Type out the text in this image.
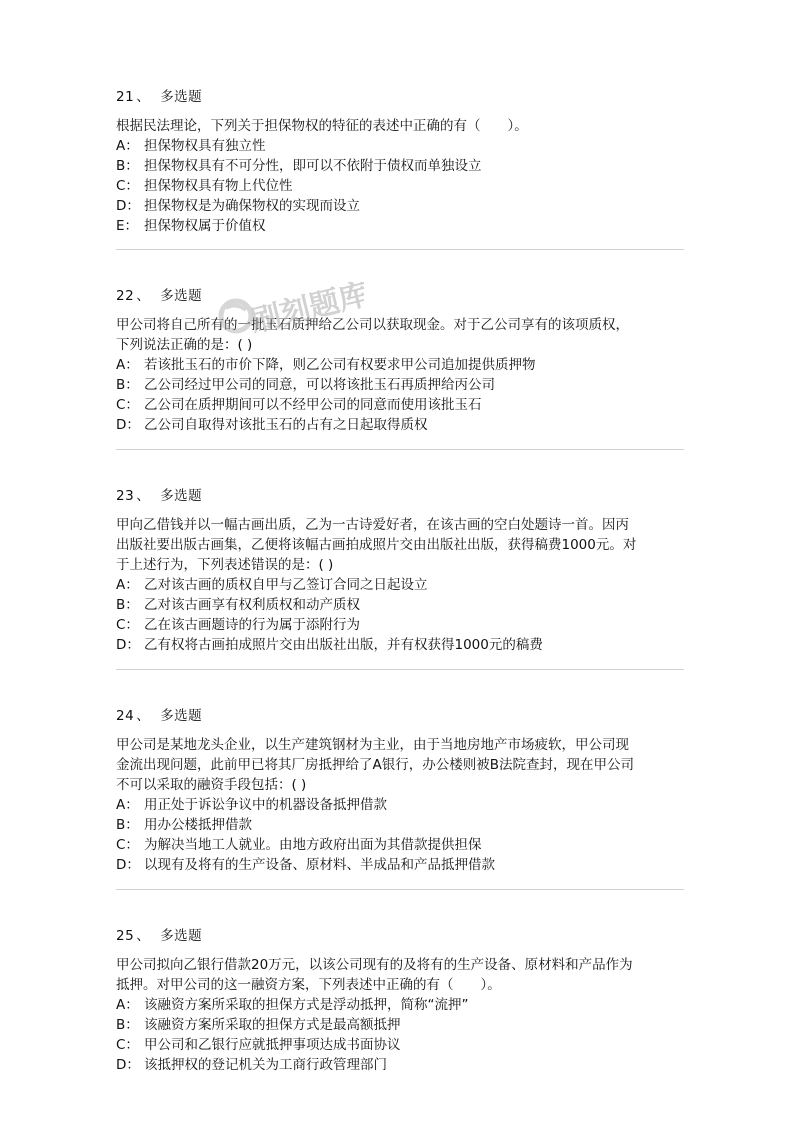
21 、 多选题

根据民法理论，下列关于担保物权的特征的表述中正确的有（　　）。

A： 担保物权具有独立性
B： 担保物权具有不可分性，即可以不依附于债权而单独设立
C： 担保物权具有物上代位性
D： 担保物权是为确保物权的实现而设立
E： 担保物权属于价值权
22 、 多选题

甲公司将自己所有的一批玉石质押给乙公司以获取现金。对于乙公司享有的该项质权，

下列说法正确的是：( )

A： 若该批玉石的市价下降，则乙公司有权要求甲公司追加提供质押物
B： 乙公司经过甲公司的同意，可以将该批玉石再质押给丙公司
C： 乙公司在质押期间可以不经甲公司的同意而使用该批玉石
D： 乙公司自取得对该批玉石的占有之日起取得质权
刷刻题库
23 、 多选题

甲向乙借钱并以一幅古画出质，乙为一古诗爱好者，在该古画的空白处题诗一首。因丙

出版社要出版古画集，乙便将该幅古画拍成照片交由出版社出版，获得稿费1000元。对

于上述行为，下列表述错误的是：( )

A： 乙对该古画的质权自甲与乙签订合同之日起设立
B： 乙对该古画享有权利质权和动产质权
C： 乙在该古画题诗的行为属于添附行为
D： 乙有权将古画拍成照片交由出版社出版，并有权获得1000元的稿费
24 、 多选题

甲公司是某地龙头企业，以生产建筑钢材为主业，由于当地房地产市场疲软，甲公司现

金流出现问题，此前甲已将其厂房抵押给了A银行，办公楼则被B法院查封，现在甲公司

不可以采取的融资手段包括：( )

A： 用正处于诉讼争议中的机器设备抵押借款
B： 用办公楼抵押借款
C： 为解决当地工人就业。由地方政府出面为其借款提供担保
D： 以现有及将有的生产设备、原材料、半成品和产品抵押借款
25 、 多选题

甲公司拟向乙银行借款20万元，以该公司现有的及将有的生产设备、原材料和产品作为

抵押。对甲公司的这一融资方案，下列表述中正确的有（　　）。

A： 该融资方案所采取的担保方式是浮动抵押，简称“流押”
B： 该融资方案所采取的担保方式是最高额抵押
C： 甲公司和乙银行应就抵押事项达成书面协议
D： 该抵押权的登记机关为工商行政管理部门
